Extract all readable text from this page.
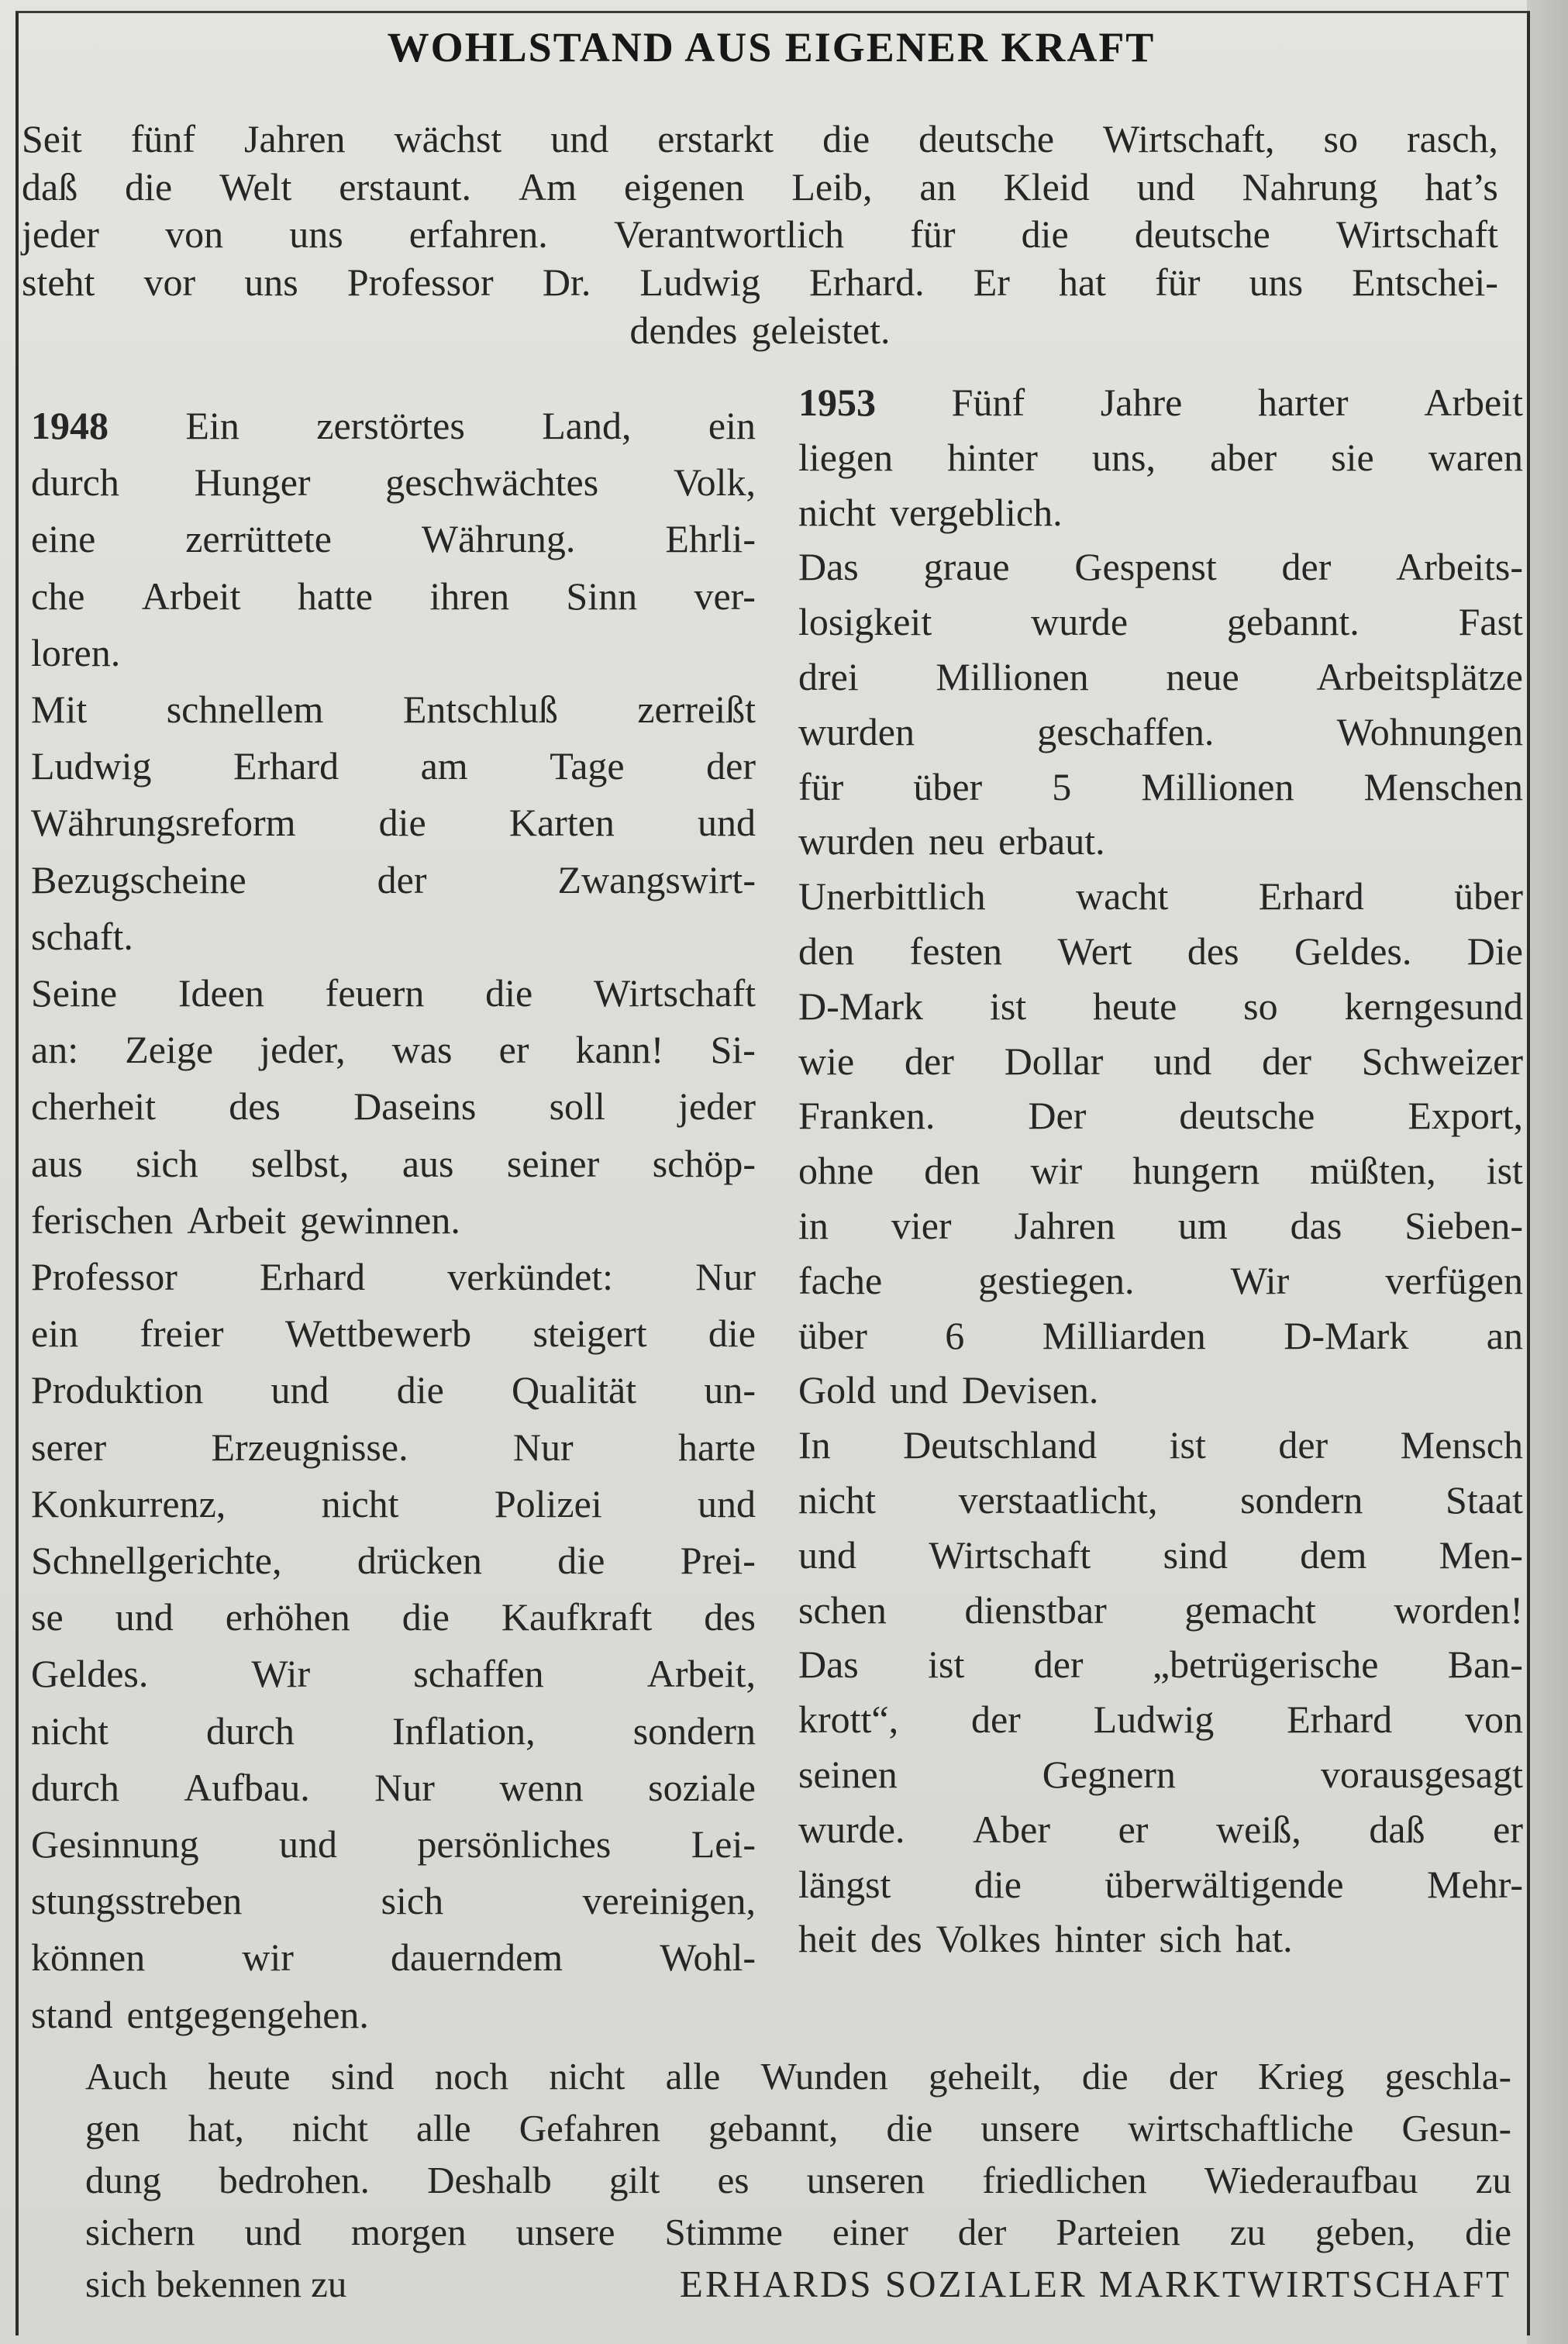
WOHLSTAND AUS EIGENER KRAFT
Seit fünf Jahren wächst und erstarkt die deutsche Wirtschaft, so rasch,
daß die Welt erstaunt. Am eigenen Leib, an Kleid und Nahrung hat’s
jeder von uns erfahren. Verantwortlich für die deutsche Wirtschaft
steht vor uns Professor Dr. Ludwig Erhard. Er hat für uns Entschei-
dendes geleistet.
1948 Ein zerstörtes Land, ein
durch Hunger geschwächtes Volk,
eine zerrüttete Währung. Ehrli-
che Arbeit hatte ihren Sinn ver-
loren.
Mit schnellem Entschluß zerreißt
Ludwig Erhard am Tage der
Währungsreform die Karten und
Bezugscheine	der	Zwangswirt-
schaft.
Seine Ideen feuern die Wirtschaft
an: Zeige jeder, was er kann! Si-
cherheit des Daseins soll jeder
aus sich selbst, aus seiner schöp-
ferischen Arbeit gewinnen.
Professor Erhard verkündet: Nur
ein freier Wettbewerb steigert die
Produktion und die Qualität un-
serer	Erzeugnisse.	Nur	harte
Konkurrenz, nicht Polizei und
Schnellgerichte, drücken die Prei-
se und erhöhen die Kaufkraft des
Geldes.	Wir	schaffen	Arbeit,
nicht	durch	Inflation,	sondern
durch Aufbau. Nur wenn soziale
Gesinnung und persönliches Lei-
stungsstreben	sich	vereinigen,
können	wir	dauerndem	Wohl-
stand entgegengehen.
1953 Fünf Jahre harter Arbeit
liegen hinter uns, aber sie waren
nicht vergeblich.
Das graue Gespenst der Arbeits-
losigkeit	wurde	gebannt.	Fast
drei Millionen neue Arbeitsplätze
wurden	geschaffen.	Wohnungen
für über 5 Millionen Menschen
wurden neu erbaut.
Unerbittlich wacht Erhard über
den festen Wert des Geldes. Die
D-Mark ist heute so kerngesund
wie der Dollar und der Schweizer
Franken. Der deutsche Export,
ohne den wir hungern müßten, ist
in vier Jahren um das Sieben-
fache gestiegen. Wir verfügen
über 6 Milliarden D-Mark an
Gold und Devisen.
In Deutschland ist der Mensch
nicht verstaatlicht, sondern Staat
und Wirtschaft sind dem Men-
schen dienstbar gemacht worden!
Das ist der „betrügerische Ban-
krott“, der Ludwig Erhard von
seinen	Gegnern	vorausgesagt
wurde. Aber er weiß, daß er
längst die überwältigende Mehr-
heit des Volkes hinter sich hat.
Auch heute sind noch nicht alle Wunden geheilt, die der Krieg geschla-
gen hat, nicht alle Gefahren gebannt, die unsere wirtschaftliche Gesun-
dung bedrohen. Deshalb gilt es unseren friedlichen Wiederaufbau zu
sichern und morgen unsere Stimme einer der Parteien zu geben, die
sich bekennen zu	ERHARDS SOZIALER MARKTWIRTSCHAFT
